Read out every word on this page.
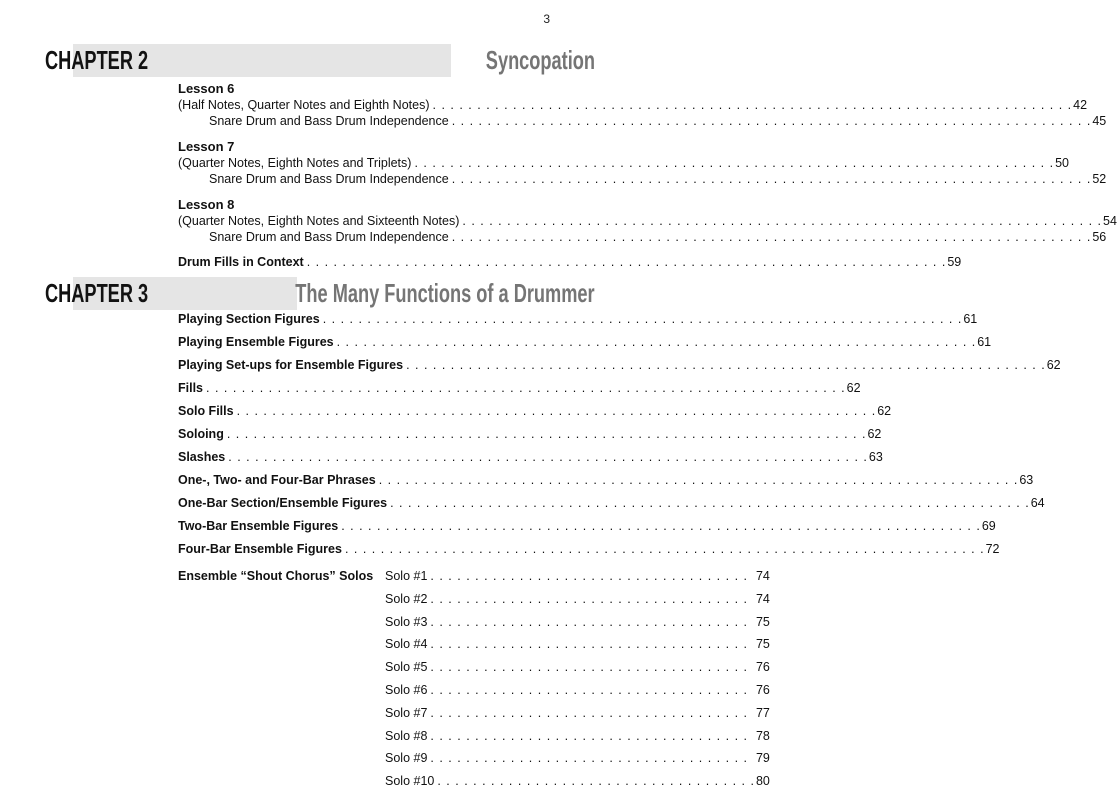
3
Syncopation
CHAPTER 2
Lesson 6
(Half Notes, Quarter Notes and Eighth Notes) . . .	42
Snare Drum and Bass Drum Independence . . .	45
Lesson 7
(Quarter Notes, Eighth Notes and Triplets) . . .	50
Snare Drum and Bass Drum Independence . . .	52
Lesson 8
(Quarter Notes, Eighth Notes and Sixteenth Notes) . . .	54
Snare Drum and Bass Drum Independence . . .	56
Drum Fills in Context . . .	59
The Many Functions of a Drummer
CHAPTER 3
Playing Section Figures . . .	61
Playing Ensemble Figures . . .	61
Playing Set-ups for Ensemble Figures . . .	62
Fills . . .	62
Solo Fills . . .	62
Soloing . . .	62
Slashes . . .	63
One-, Two- and Four-Bar Phrases . . .	63
One-Bar Section/Ensemble Figures . . .	64
Two-Bar Ensemble Figures . . .	69
Four-Bar Ensemble Figures . . .	72
Ensemble “Shout Chorus” Solos Solo #1 . . .	74
Solo #2 . . .	74
Solo #3 . . .	75
Solo #4 . . .	75
Solo #5 . . .	76
Solo #6 . . .	76
Solo #7 . . .	77
Solo #8 . . .	78
Solo #9 . . .	79
Solo #10 . . .	80
